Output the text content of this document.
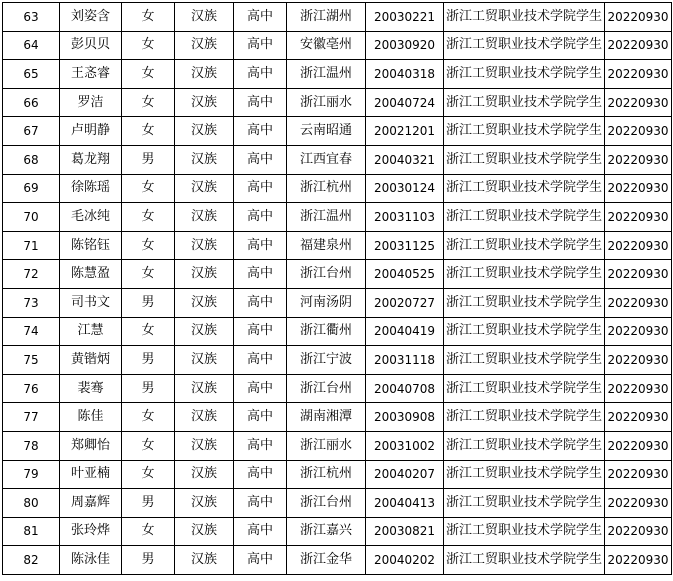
63	刘姿含	女	汉族	高中	浙江湖州	20030221	浙江工贸职业技术学院学生	20220930
64	彭贝贝	女	汉族	高中	安徽亳州	20030920	浙江工贸职业技术学院学生	20220930
65	王忞睿	女	汉族	高中	浙江温州	20040318	浙江工贸职业技术学院学生	20220930
66	罗洁	女	汉族	高中	浙江丽水	20040724	浙江工贸职业技术学院学生	20220930
67	卢明静	女	汉族	高中	云南昭通	20021201	浙江工贸职业技术学院学生	20220930
68	葛龙翔	男	汉族	高中	江西宜春	20040321	浙江工贸职业技术学院学生	20220930
69	徐陈瑶	女	汉族	高中	浙江杭州	20030124	浙江工贸职业技术学院学生	20220930
70	毛冰纯	女	汉族	高中	浙江温州	20031103	浙江工贸职业技术学院学生	20220930
71	陈铭钰	女	汉族	高中	福建泉州	20031125	浙江工贸职业技术学院学生	20220930
72	陈慧盈	女	汉族	高中	浙江台州	20040525	浙江工贸职业技术学院学生	20220930
73	司书文	男	汉族	高中	河南汤阴	20020727	浙江工贸职业技术学院学生	20220930
74	江慧	女	汉族	高中	浙江衢州	20040419	浙江工贸职业技术学院学生	20220930
75	黄锴炳	男	汉族	高中	浙江宁波	20031118	浙江工贸职业技术学院学生	20220930
76	裴骞	男	汉族	高中	浙江台州	20040708	浙江工贸职业技术学院学生	20220930
77	陈佳	女	汉族	高中	湖南湘潭	20030908	浙江工贸职业技术学院学生	20220930
78	郑卿怡	女	汉族	高中	浙江丽水	20031002	浙江工贸职业技术学院学生	20220930
79	叶亚楠	女	汉族	高中	浙江杭州	20040207	浙江工贸职业技术学院学生	20220930
80	周嘉辉	男	汉族	高中	浙江台州	20040413	浙江工贸职业技术学院学生	20220930
81	张玲烨	女	汉族	高中	浙江嘉兴	20030821	浙江工贸职业技术学院学生	20220930
82	陈泳佳	男	汉族	高中	浙江金华	20040202	浙江工贸职业技术学院学生	20220930
